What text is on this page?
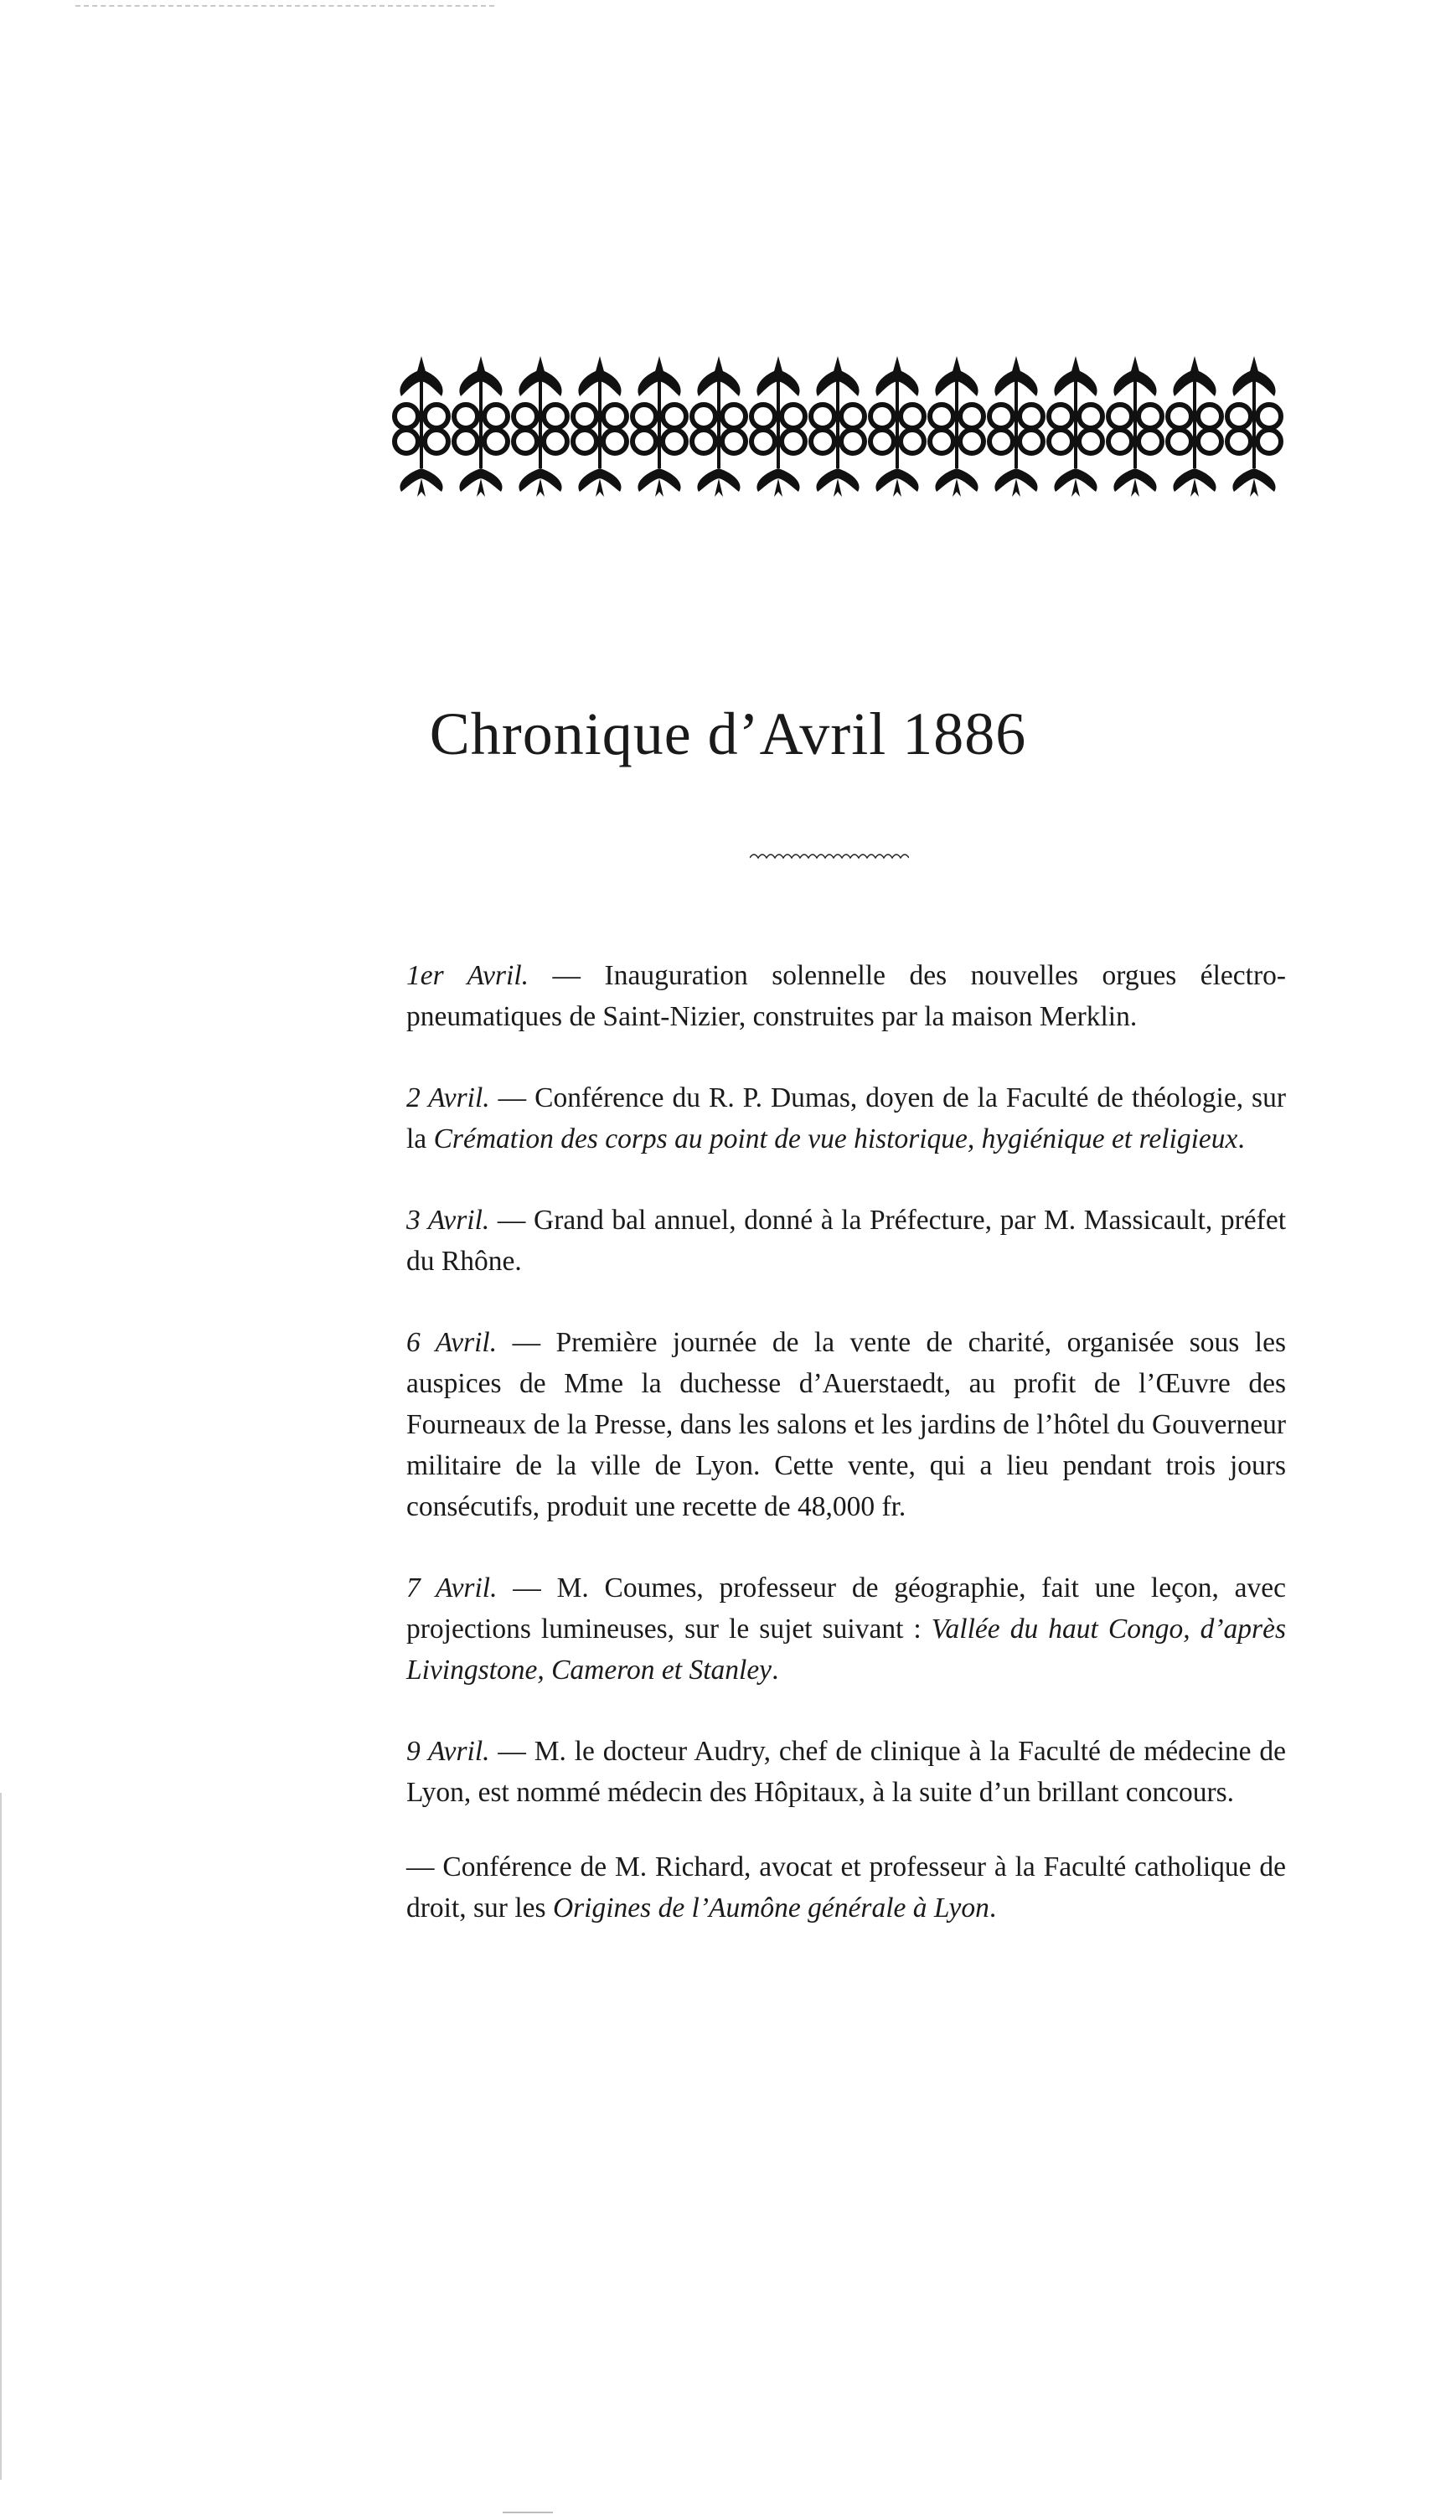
Chronique d’Avril 1886

1er Avril. — Inauguration solennelle des nouvelles orgues électro-pneumatiques de Saint-Nizier, construites par la maison Merklin.

2 Avril. — Conférence du R. P. Dumas, doyen de la Faculté de théologie, sur la Crémation des corps au point de vue historique, hygiénique et religieux.

3 Avril. — Grand bal annuel, donné à la Préfecture, par M. Massicault, préfet du Rhône.

6 Avril. — Première journée de la vente de charité, organisée sous les auspices de Mme la duchesse d’Auerstaedt, au profit de l’Œuvre des Fourneaux de la Presse, dans les salons et les jardins de l’hôtel du Gouverneur militaire de la ville de Lyon. Cette vente, qui a lieu pendant trois jours consécutifs, produit une recette de 48,000 fr.

7 Avril. — M. Coumes, professeur de géographie, fait une leçon, avec projections lumineuses, sur le sujet suivant : Vallée du haut Congo, d’après Livingstone, Cameron et Stanley.

9 Avril. — M. le docteur Audry, chef de clinique à la Faculté de médecine de Lyon, est nommé médecin des Hôpitaux, à la suite d’un brillant concours.

— Conférence de M. Richard, avocat et professeur à la Faculté catholique de droit, sur les Origines de l’Aumône générale à Lyon.
